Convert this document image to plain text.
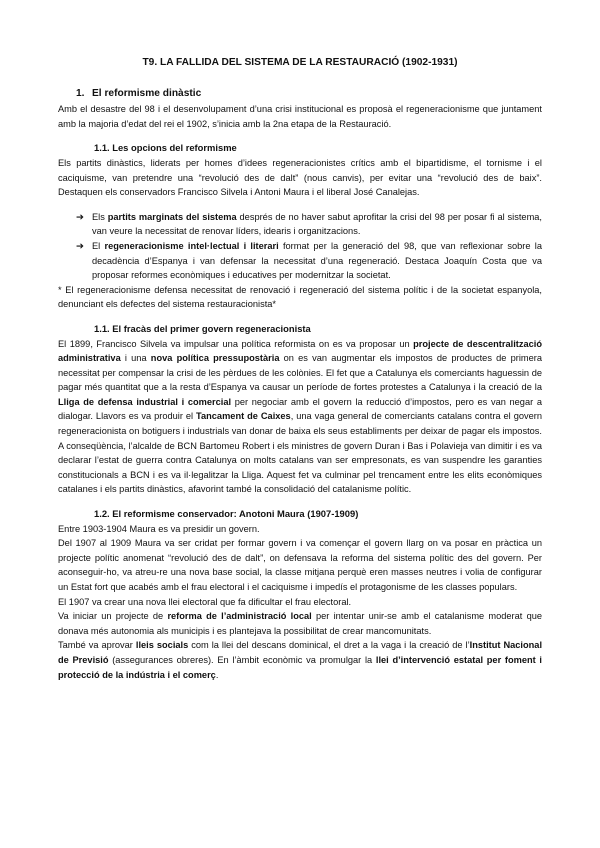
T9. LA FALLIDA DEL SISTEMA DE LA RESTAURACIÓ (1902-1931)
1. El reformisme dinàstic

Amb el desastre del 98 i el desenvolupament d’una crisi institucional es proposà el regeneracionisme que juntament amb la majoria d’edat del rei el 1902, s’inicia amb la 2na etapa de la Restauració.

1.1. Les opcions del reformisme

Els partits dinàstics, liderats per homes d’idees regeneracionistes crítics amb el bipartidisme, el tornisme i el caciquisme, van pretendre una “revolució des de dalt” (nous canvis), per evitar una “revolució des de baix”. Destaquen els conservadors Francisco Silvela i Antoni Maura i el liberal José Canalejas.

➔ Els partits marginats del sistema després de no haver sabut aprofitar la crisi del 98 per posar fi al sistema, van veure la necessitat de renovar líders, idearis i organitzacions.
➔ El regeneracionisme intel·lectual i literari format per la generació del 98, que van reflexionar sobre la decadència d’Espanya i van defensar la necessitat d’una regeneració. Destaca Joaquín Costa que va proposar reformes econòmiques i educatives per modernitzar la societat.

* El regeneracionisme defensa necessitat de renovació i regeneració del sistema polític i de la societat espanyola, denunciant els defectes del sistema restauracionista*

1.1. El fracàs del primer govern regeneracionista

El 1899, Francisco Silvela va impulsar una política reformista on es va proposar un projecte de descentralització administrativa i una nova política pressupostària on es van augmentar els impostos de productes de primera necessitat per compensar la crisi de les pèrdues de les colònies. El fet que a Catalunya els comerciants haguessin de pagar més quantitat que a la resta d’Espanya va causar un període de fortes protestes a Catalunya i la creació de la Lliga de defensa industrial i comercial per negociar amb el govern la reducció d’impostos, pero es van negar a dialogar. Llavors es va produir el Tancament de Caixes, una vaga general de comerciants catalans contra el govern regeneracionista on botiguers i industrials van donar de baixa els seus establiments per deixar de pagar els impostos. A conseqüència, l’alcalde de BCN Bartomeu Robert i els ministres de govern Duran i Bas i Polavieja van dimitir i es va declarar l’estat de guerra contra Catalunya on molts catalans van ser empresonats, es van suspendre les garanties constitucionals a BCN i es va il·legalitzar la Lliga. Aquest fet va culminar pel trencament entre les elits econòmiques catalanes i els partits dinàstics, afavorint també la consolidació del catalanisme polític.

1.2. El reformisme conservador: Anotoni Maura (1907-1909)

Entre 1903-1904 Maura es va presidir un govern.

Del 1907 al 1909 Maura va ser cridat per formar govern i va començar el govern llarg on va posar en pràctica un projecte polític anomenat “revolució des de dalt”, on defensava la reforma del sistema polític des del govern. Per aconseguir-ho, va atreu-re una nova base social, la classe mitjana perquè eren masses neutres i volia de configurar un Estat fort que acabés amb el frau electoral i el caciquisme i impedís el protagonisme de les classes populars.

El 1907 va crear una nova llei electoral que fa dificultar el frau electoral.

Va iniciar un projecte de reforma de l’administració local per intentar unir-se amb el catalanisme moderat que donava més autonomia als municipis i es plantejava la possibilitat de crear mancomunitats.

També va aprovar lleis socials com la llei del descans dominical, el dret a la vaga i la creació de l’Institut Nacional de Previsió (assegurances obreres). En l’àmbit econòmic va promulgar la llei d’intervenció estatal per foment i protecció de la indústria i el comerç.
